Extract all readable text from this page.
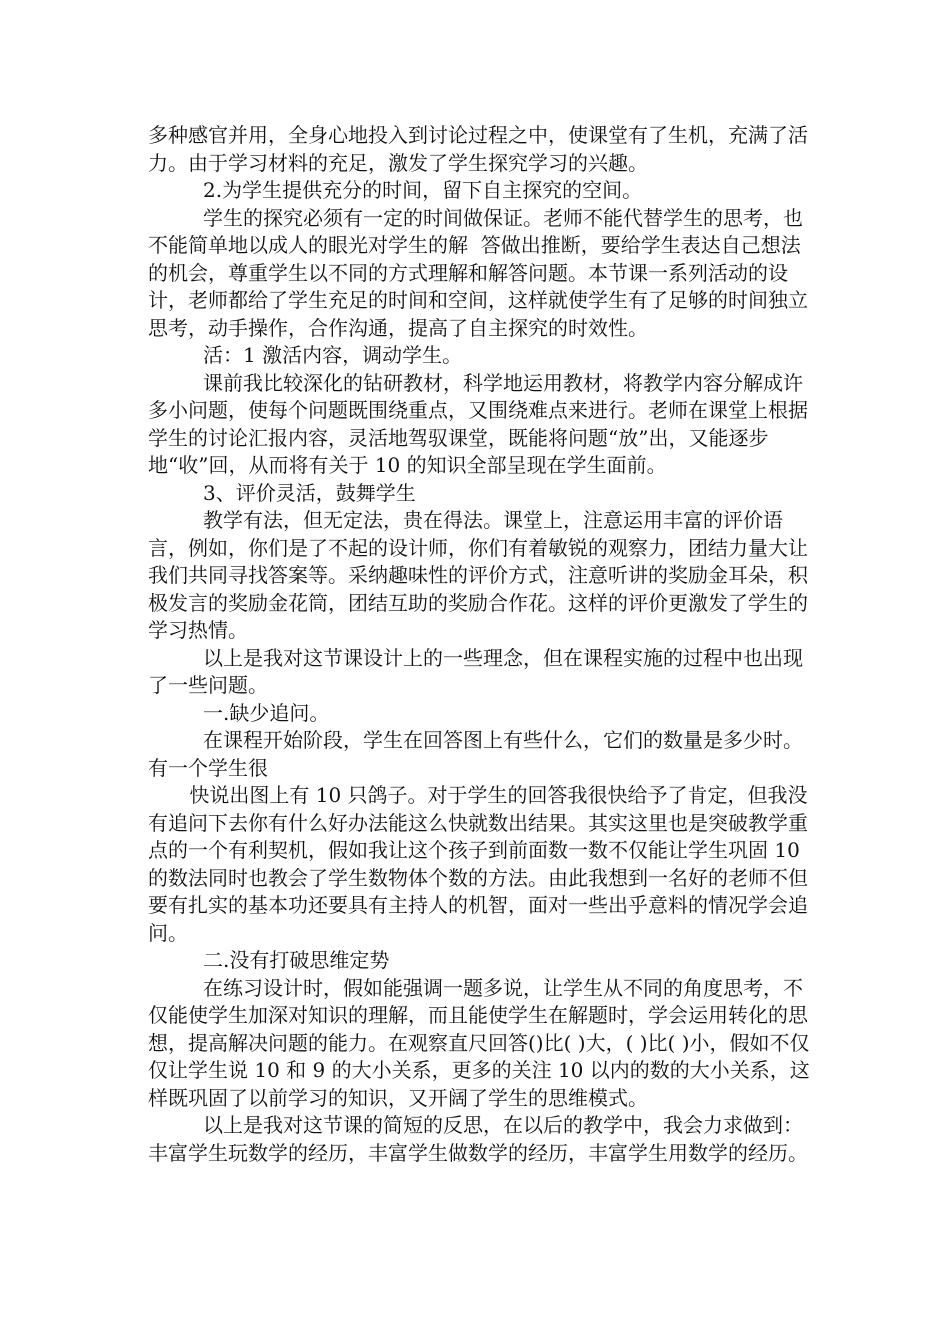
多种感官并用，全身心地投入到讨论过程之中，使课堂有了生机，充满了活力。由于学习材料的充足，激发了学生探究学习的兴趣。

2.为学生提供充分的时间，留下自主探究的空间。

学生的探究必须有一定的时间做保证。老师不能代替学生的思考，也不能简单地以成人的眼光对学生的解  答做出推断，要给学生表达自己想法的机会，尊重学生以不同的方式理解和解答问题。本节课一系列活动的设计，老师都给了学生充足的时间和空间，这样就使学生有了足够的时间独立思考，动手操作，合作沟通，提高了自主探究的时效性。

活：1 激活内容，调动学生。

课前我比较深化的钻研教材，科学地运用教材，将教学内容分解成许多小问题，使每个问题既围绕重点，又围绕难点来进行。老师在课堂上根据学生的讨论汇报内容，灵活地驾驭课堂，既能将问题“放”出，又能逐步地“收”回，从而将有关于 10 的知识全部呈现在学生面前。

3、评价灵活，鼓舞学生

教学有法，但无定法，贵在得法。课堂上，注意运用丰富的评价语言，例如，你们是了不起的设计师，你们有着敏锐的观察力，团结力量大让我们共同寻找答案等。采纳趣味性的评价方式，注意听讲的奖励金耳朵，积极发言的奖励金花筒，团结互助的奖励合作花。这样的评价更激发了学生的学习热情。

以上是我对这节课设计上的一些理念，但在课程实施的过程中也出现了一些问题。

一.缺少追问。

在课程开始阶段，学生在回答图上有些什么，它们的数量是多少时。有一个学生很

快说出图上有 10 只鸽子。对于学生的回答我很快给予了肯定，但我没有追问下去你有什么好办法能这么快就数出结果。其实这里也是突破教学重点的一个有利契机，假如我让这个孩子到前面数一数不仅能让学生巩固 10 的数法同时也教会了学生数物体个数的方法。由此我想到一名好的老师不但要有扎实的基本功还要具有主持人的机智，面对一些出乎意料的情况学会追问。

二.没有打破思维定势

在练习设计时，假如能强调一题多说，让学生从不同的角度思考，不仅能使学生加深对知识的理解，而且能使学生在解题时，学会运用转化的思想，提高解决问题的能力。在观察直尺回答()比( )大，( )比( )小，假如不仅仅让学生说 10 和 9 的大小关系，更多的关注 10 以内的数的大小关系，这样既巩固了以前学习的知识，又开阔了学生的思维模式。

以上是我对这节课的简短的反思，在以后的教学中，我会力求做到：丰富学生玩数学的经历，丰富学生做数学的经历，丰富学生用数学的经历。
